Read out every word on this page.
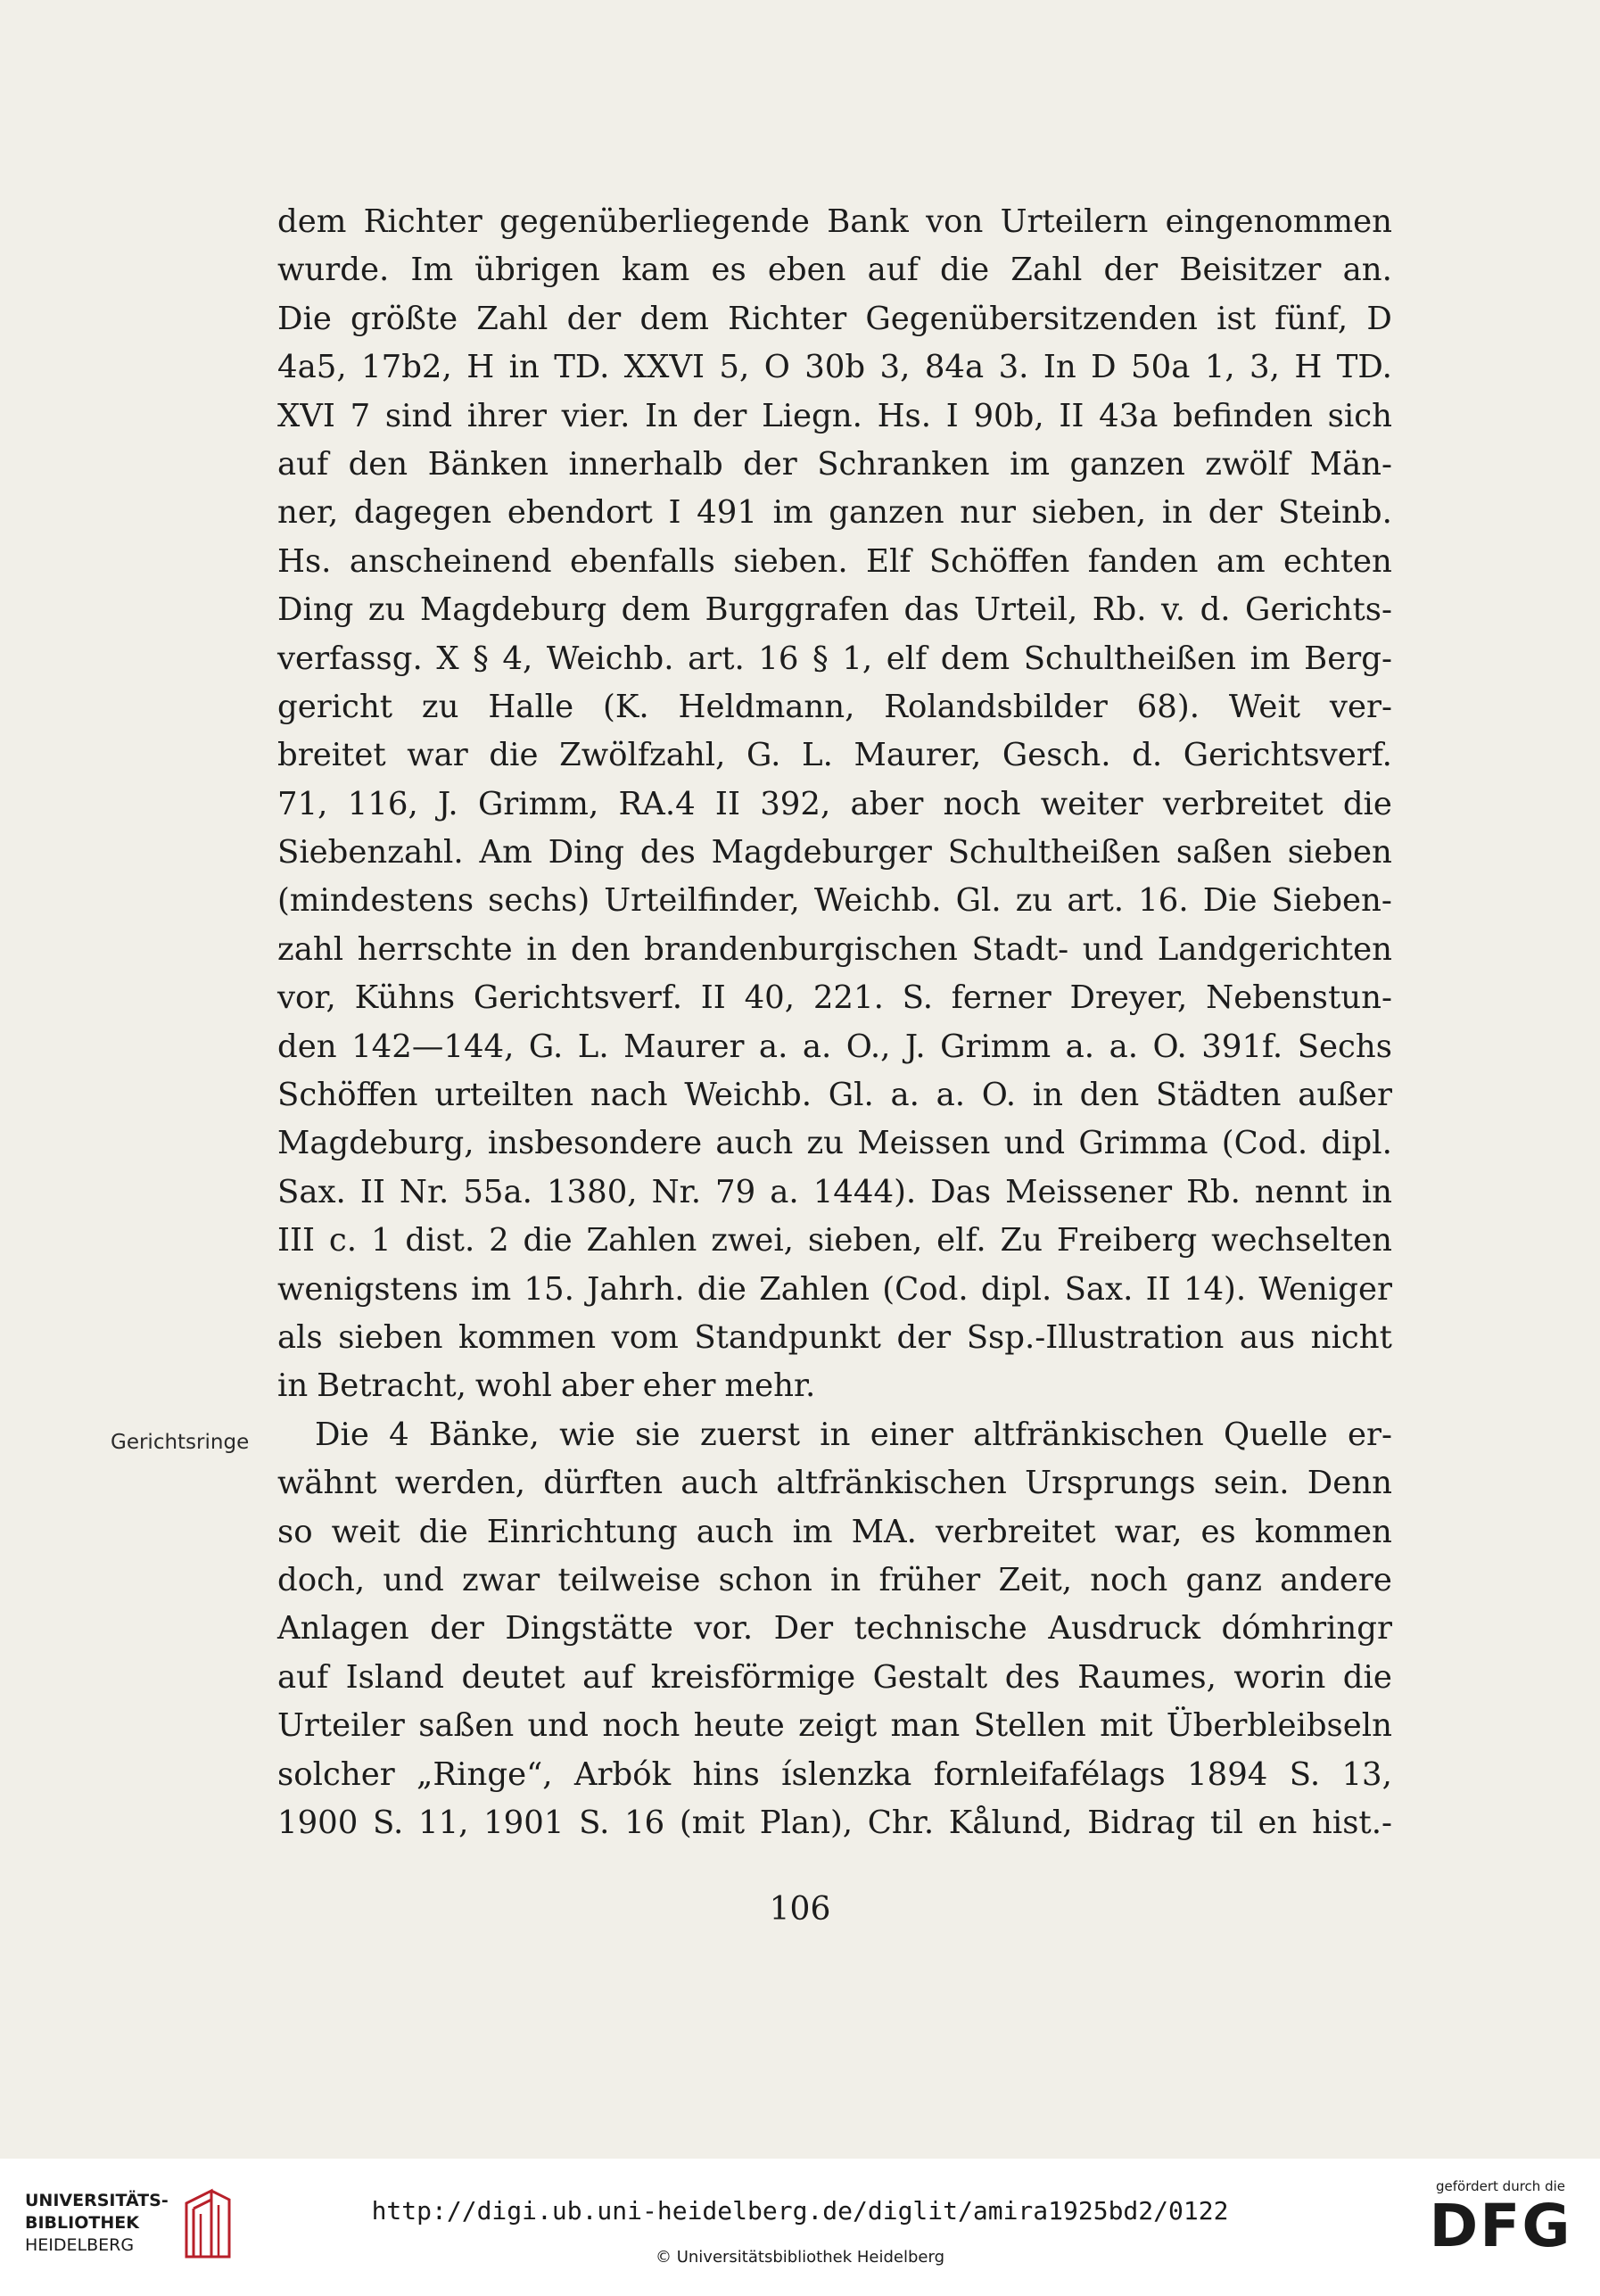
dem Richter gegenüberliegende Bank von Urteilern eingenommen
wurde. Im übrigen kam es eben auf die Zahl der Beisitzer an.
Die größte Zahl der dem Richter Gegenübersitzenden ist fünf, D
4a5, 17b2, H in TD. XXVI 5, O 30b 3, 84a 3. In D 50a 1, 3, H TD.
XVI 7 sind ihrer vier. In der Liegn. Hs. I 90b, II 43a befinden sich
auf den Bänken innerhalb der Schranken im ganzen zwölf Män-
ner, dagegen ebendort I 491 im ganzen nur sieben, in der Steinb.
Hs. anscheinend ebenfalls sieben. Elf Schöffen fanden am echten
Ding zu Magdeburg dem Burggrafen das Urteil, Rb. v. d. Gerichts-
verfassg. X § 4, Weichb. art. 16 § 1, elf dem Schultheißen im Berg-
gericht zu Halle (K. Heldmann, Rolandsbilder 68). Weit ver-
breitet war die Zwölfzahl, G. L. Maurer, Gesch. d. Gerichtsverf.
71, 116, J. Grimm, RA.4 II 392, aber noch weiter verbreitet die
Siebenzahl. Am Ding des Magdeburger Schultheißen saßen sieben
(mindestens sechs) Urteilfinder, Weichb. Gl. zu art. 16. Die Sieben-
zahl herrschte in den brandenburgischen Stadt- und Landgerichten
vor, Kühns Gerichtsverf. II 40, 221. S. ferner Dreyer, Nebenstun-
den 142—144, G. L. Maurer a. a. O., J. Grimm a. a. O. 391f. Sechs
Schöffen urteilten nach Weichb. Gl. a. a. O. in den Städten außer
Magdeburg, insbesondere auch zu Meissen und Grimma (Cod. dipl.
Sax. II Nr. 55a. 1380, Nr. 79 a. 1444). Das Meissener Rb. nennt in
III c. 1 dist. 2 die Zahlen zwei, sieben, elf. Zu Freiberg wechselten
wenigstens im 15. Jahrh. die Zahlen (Cod. dipl. Sax. II 14). Weniger
als sieben kommen vom Standpunkt der Ssp.-Illustration aus nicht
in Betracht, wohl aber eher mehr.
Die 4 Bänke, wie sie zuerst in einer altfränkischen Quelle er-
wähnt werden, dürften auch altfränkischen Ursprungs sein. Denn
so weit die Einrichtung auch im MA. verbreitet war, es kommen
doch, und zwar teilweise schon in früher Zeit, noch ganz andere
Anlagen der Dingstätte vor. Der technische Ausdruck dómhringr
auf Island deutet auf kreisförmige Gestalt des Raumes, worin die
Urteiler saßen und noch heute zeigt man Stellen mit Überbleibseln
solcher „Ringe“, Arbók hins íslenzka fornleifafélags 1894 S. 13,
1900 S. 11, 1901 S. 16 (mit Plan), Chr. Kålund, Bidrag til en hist.-
Gerichtsringe
106
UNIVERSITÄTS-
BIBLIOTHEK
HEIDELBERG
http://digi.ub.uni-heidelberg.de/diglit/amira1925bd2/0122
© Universitätsbibliothek Heidelberg
gefördert durch die
DFG
